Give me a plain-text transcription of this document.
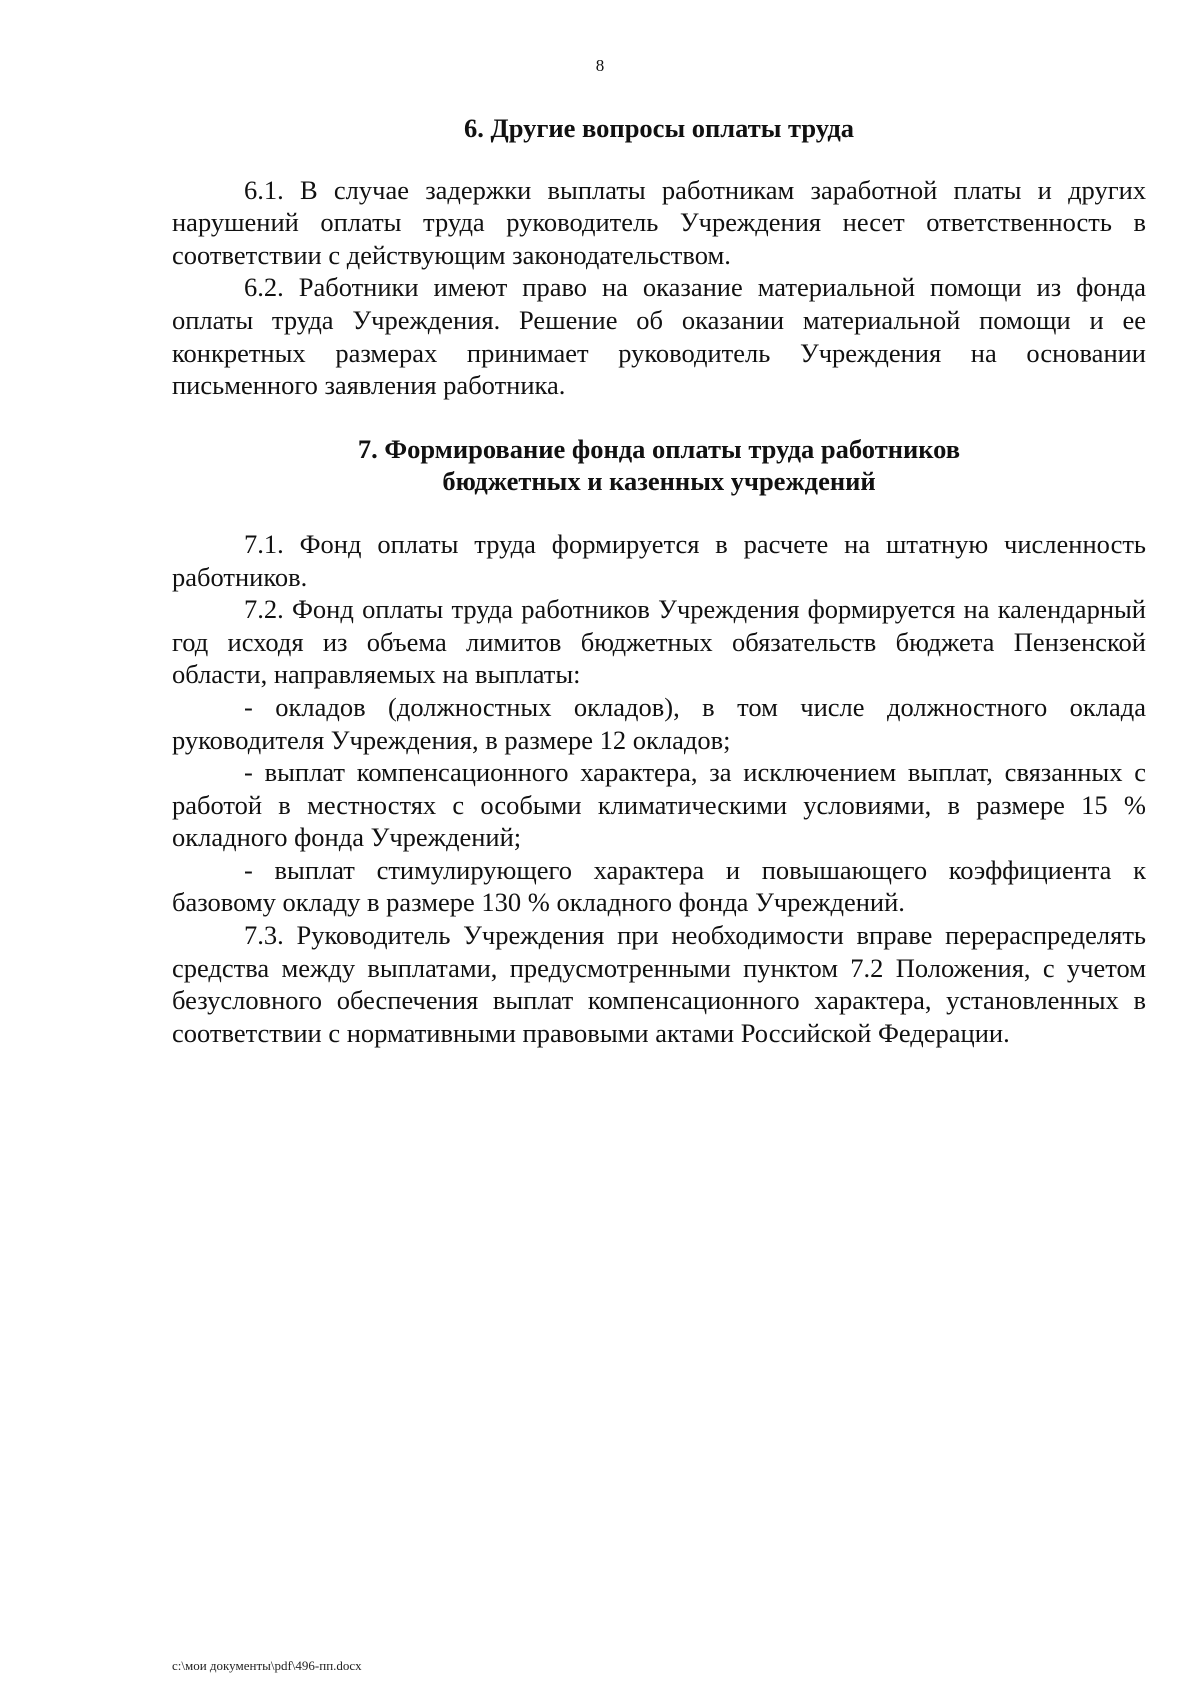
8
6. Другие вопросы оплаты труда

6.1. В случае задержки выплаты работникам заработной платы и других нарушений оплаты труда руководитель Учреждения несет ответственность в соответствии с действующим законодательством.

6.2. Работники имеют право на оказание материальной помощи из фонда оплаты труда Учреждения. Решение об оказании материальной помощи и ее конкретных размерах принимает руководитель Учреждения на основании письменного заявления работника.

7. Формирование фонда оплаты труда работников
бюджетных и казенных учреждений

7.1. Фонд оплаты труда формируется в расчете на штатную численность работников.

7.2. Фонд оплаты труда работников Учреждения формируется на календарный год исходя из объема лимитов бюджетных обязательств бюджета Пензенской области, направляемых на выплаты:

- окладов (должностных окладов), в том числе должностного оклада руководителя Учреждения, в размере 12 окладов;

- выплат компенсационного характера, за исключением выплат, связанных с работой в местностях с особыми климатическими условиями, в размере 15 % окладного фонда Учреждений;

- выплат стимулирующего характера и повышающего коэффициента к базовому окладу в размере 130 % окладного фонда Учреждений.

7.3. Руководитель Учреждения при необходимости вправе перераспределять средства между выплатами, предусмотренными пунктом 7.2 Положения, с учетом безусловного обеспечения выплат компенсационного характера, установленных в соответствии с нормативными правовыми актами Российской Федерации.

c:\мои документы\pdf\496-пп.docx
